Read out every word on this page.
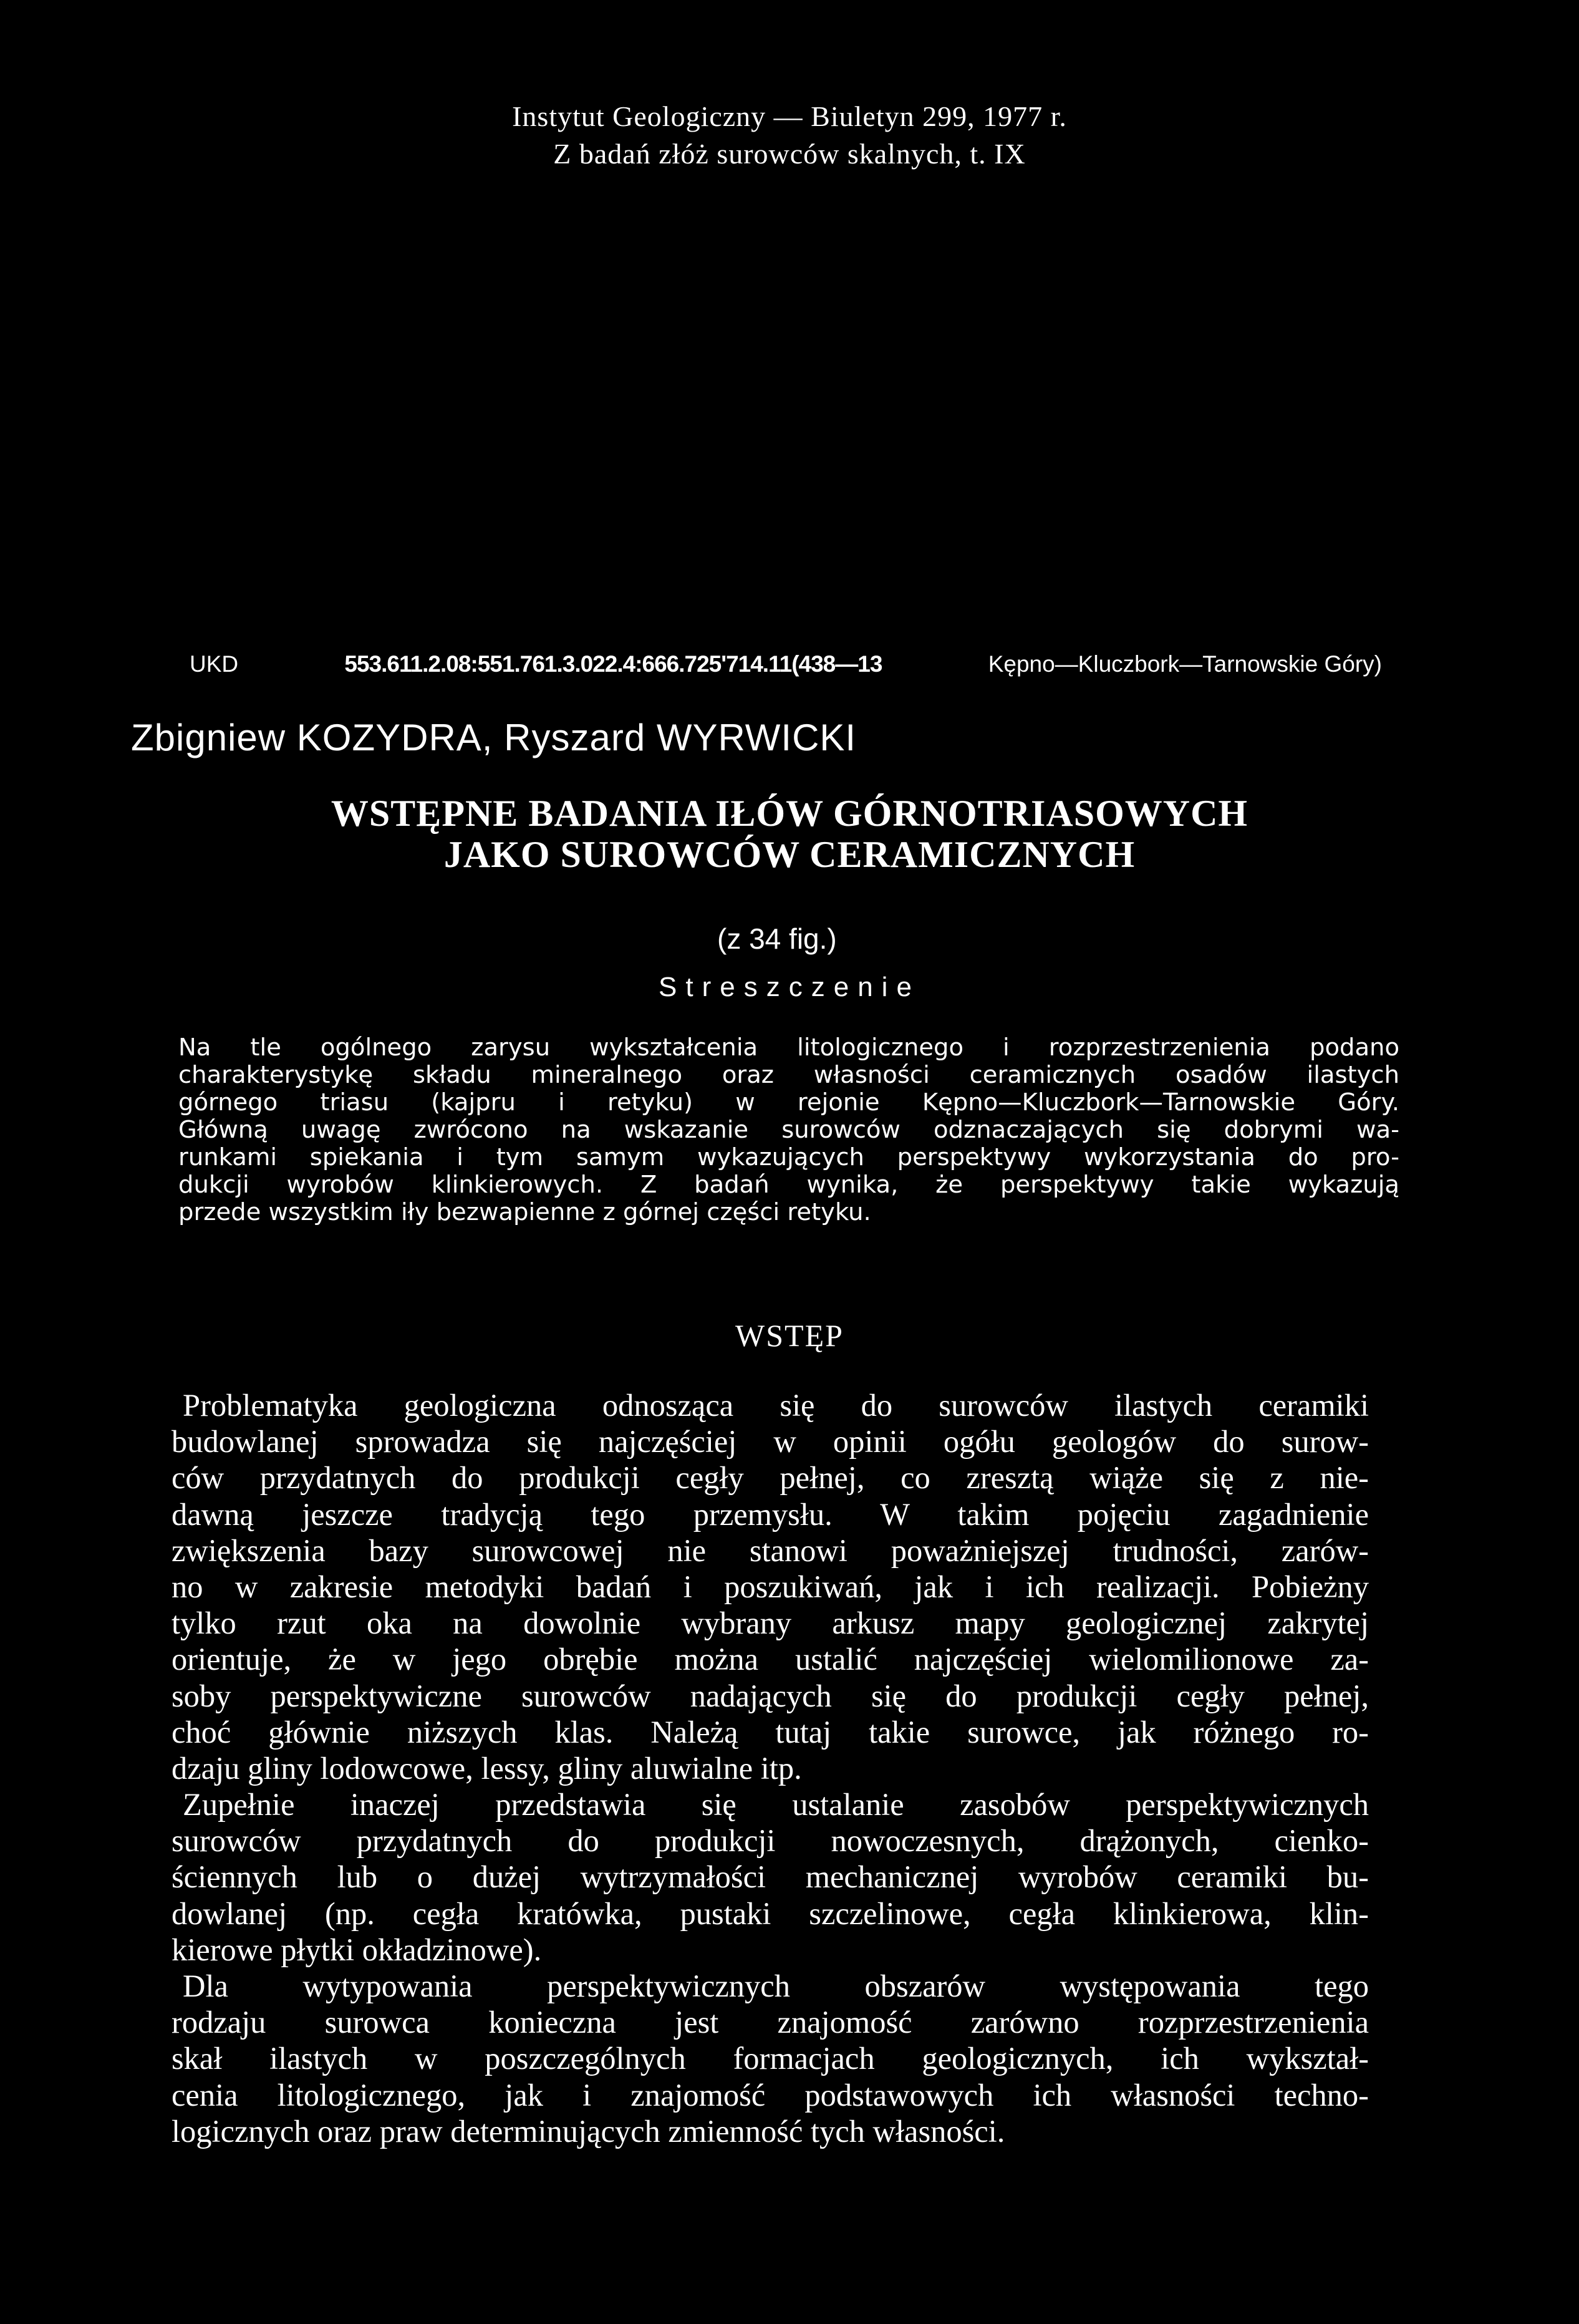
Instytut Geologiczny — Biuletyn 299, 1977 r.
Z badań złóż surowców skalnych, t. IX
UKD	553.611.2.08:551.761.3.022.4:666.725'714.11(438—13	Kępno—Kluczbork—Tarnowskie Góry)
Zbigniew KOZYDRA, Ryszard WYRWICKI
WSTĘPNE BADANIA IŁÓW GÓRNOTRIASOWYCH
JAKO SUROWCÓW CERAMICZNYCH
(z 34 fig.)
Streszczenie
Na tle ogólnego zarysu wykształcenia litologicznego i rozprzestrzenienia podano
charakterystykę składu mineralnego oraz własności ceramicznych osadów ilastych
górnego triasu (kajpru i retyku) w rejonie Kępno—Kluczbork—Tarnowskie Góry.
Główną uwagę zwrócono na wskazanie surowców odznaczających się dobrymi wa-
runkami spiekania i tym samym wykazujących perspektywy wykorzystania do pro-
dukcji wyrobów klinkierowych. Z badań wynika, że perspektywy takie wykazują
przede wszystkim iły bezwapienne z górnej części retyku.
WSTĘP
Problematyka geologiczna odnosząca się do surowców ilastych ceramiki
budowlanej sprowadza się najczęściej w opinii ogółu geologów do surow-
ców przydatnych do produkcji cegły pełnej, co zresztą wiąże się z nie-
dawną jeszcze tradycją tego przemysłu. W takim pojęciu zagadnienie
zwiększenia bazy surowcowej nie stanowi poważniejszej trudności, zarów-
no w zakresie metodyki badań i poszukiwań, jak i ich realizacji. Pobieżny
tylko rzut oka na dowolnie wybrany arkusz mapy geologicznej zakrytej
orientuje, że w jego obrębie można ustalić najczęściej wielomilionowe za-
soby perspektywiczne surowców nadających się do produkcji cegły pełnej,
choć głównie niższych klas. Należą tutaj takie surowce, jak różnego ro-
dzaju gliny lodowcowe, lessy, gliny aluwialne itp.
Zupełnie inaczej przedstawia się ustalanie zasobów perspektywicznych
surowców przydatnych do produkcji nowoczesnych, drążonych, cienko-
ściennych lub o dużej wytrzymałości mechanicznej wyrobów ceramiki bu-
dowlanej (np. cegła kratówka, pustaki szczelinowe, cegła klinkierowa, klin-
kierowe płytki okładzinowe).
Dla wytypowania perspektywicznych obszarów występowania tego
rodzaju surowca konieczna jest znajomość zarówno rozprzestrzenienia
skał ilastych w poszczególnych formacjach geologicznych, ich wykształ-
cenia litologicznego, jak i znajomość podstawowych ich własności techno-
logicznych oraz praw determinujących zmienność tych własności.
